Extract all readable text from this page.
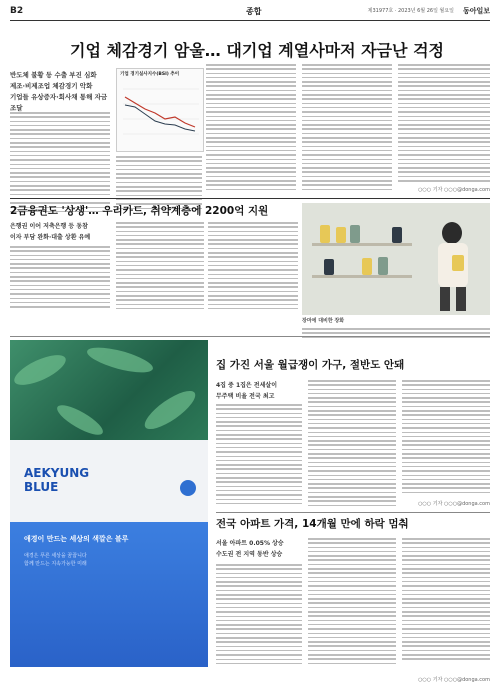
B2	종합	제31977호 · 2023년 6월 26일 월요일 동아일보
기업 체감경기 암울… 대기업 계열사마저 자금난 걱정
반도체 불황 등 수출 부진 심화
제조·비제조업 체감경기 악화
기업들 유상증자·회사채 통해 자금 조달
기업 경기실사지수(BSI) 추이
○○○ 기자 ○○○@donga.com
2금융권도 '상생'… 우리카드, 취약계층에 2200억 지원
은행권 이어 저축은행 등 동참
이자 부담 완화·대출 상환 유예
장마에 대비한 장화
AEKYUNG
BLUE
애경이 만드는 세상의 색깔은 블루
애경은 푸른 세상을 꿈꿉니다
함께 만드는 지속가능한 미래
집 가진 서울 월급쟁이 가구, 절반도 안돼
4집 중 1집은 전세살이
무주택 비율 전국 최고
○○○ 기자 ○○○@donga.com
전국 아파트 가격, 14개월 만에 하락 멈춰
서울 아파트 0.05% 상승
수도권 전 지역 동반 상승
○○○ 기자 ○○○@donga.com
